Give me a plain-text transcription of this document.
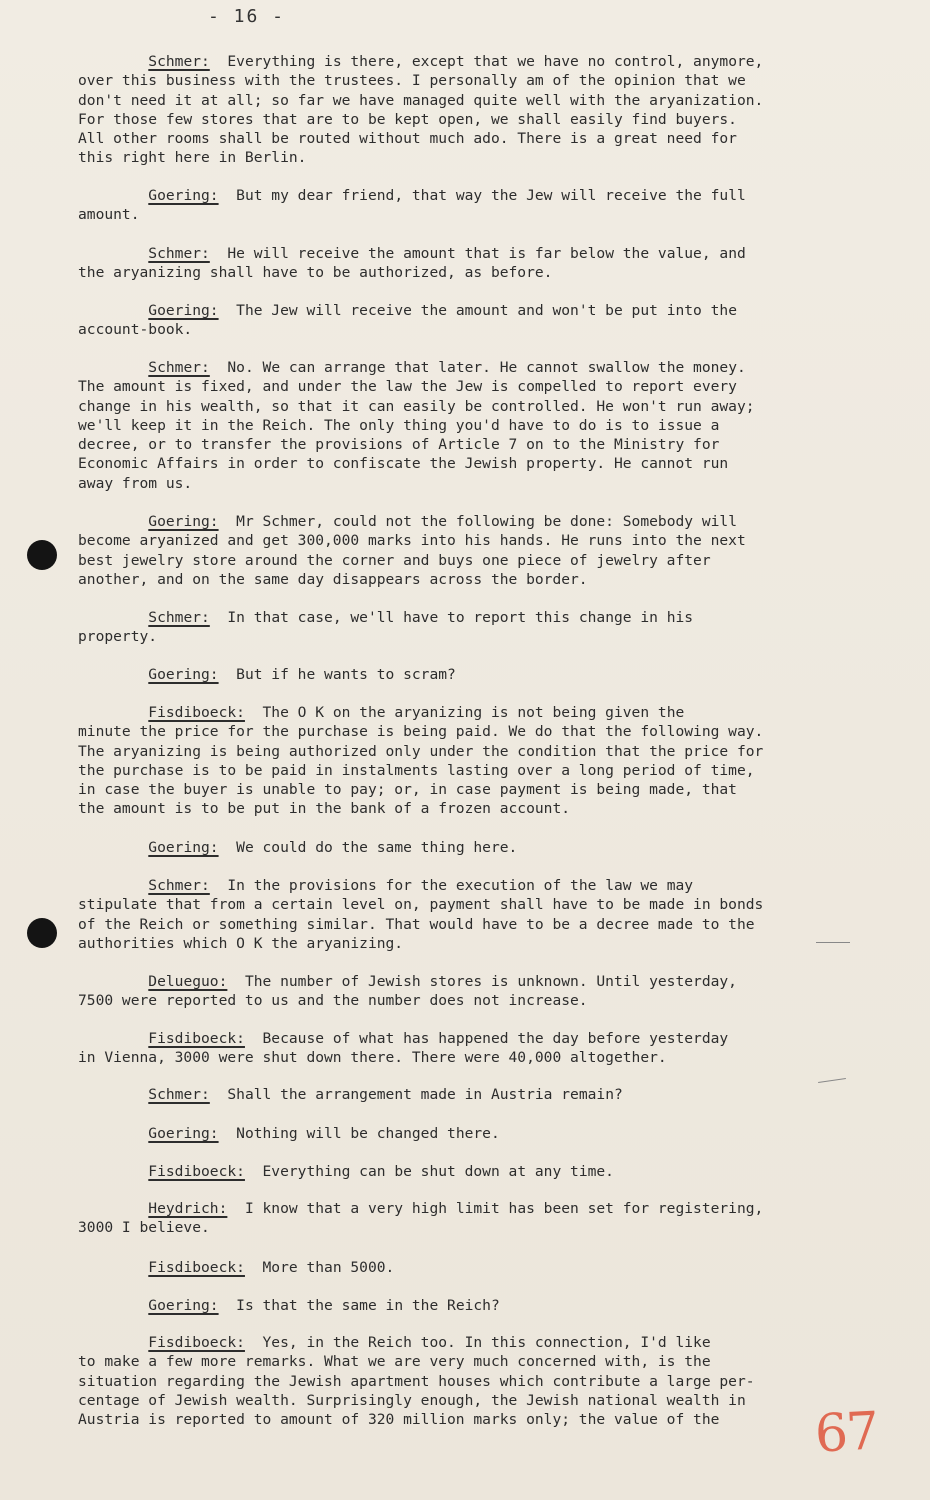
- 16 -
Schmer:  Everything is there, except that we have no control, anymore,
over this business with the trustees. I personally am of the opinion that we
don't need it at all; so far we have managed quite well with the aryanization.
For those few stores that are to be kept open, we shall easily find buyers.
All other rooms shall be routed without much ado. There is a great need for
this right here in Berlin.
Goering:  But my dear friend, that way the Jew will receive the full
amount.
Schmer:  He will receive the amount that is far below the value, and
the aryanizing shall have to be authorized, as before.
Goering:  The Jew will receive the amount and won't be put into the
account-book.
Schmer:  No. We can arrange that later. He cannot swallow the money.
The amount is fixed, and under the law the Jew is compelled to report every
change in his wealth, so that it can easily be controlled. He won't run away;
we'll keep it in the Reich. The only thing you'd have to do is to issue a
decree, or to transfer the provisions of Article 7 on to the Ministry for
Economic Affairs in order to confiscate the Jewish property. He cannot run
away from us.
Goering:  Mr Schmer, could not the following be done: Somebody will
become aryanized and get 300,000 marks into his hands. He runs into the next
best jewelry store around the corner and buys one piece of jewelry after
another, and on the same day disappears across the border.
Schmer:  In that case, we'll have to report this change in his
property.
Goering:  But if he wants to scram?
Fisdiboeck:  The O K on the aryanizing is not being given the
minute the price for the purchase is being paid. We do that the following way.
The aryanizing is being authorized only under the condition that the price for
the purchase is to be paid in instalments lasting over a long period of time,
in case the buyer is unable to pay; or, in case payment is being made, that
the amount is to be put in the bank of a frozen account.
Goering:  We could do the same thing here.
Schmer:  In the provisions for the execution of the law we may
stipulate that from a certain level on, payment shall have to be made in bonds
of the Reich or something similar. That would have to be a decree made to the
authorities which O K the aryanizing.
Delueguo:  The number of Jewish stores is unknown. Until yesterday,
7500 were reported to us and the number does not increase.
Fisdiboeck:  Because of what has happened the day before yesterday
in Vienna, 3000 were shut down there. There were 40,000 altogether.
Schmer:  Shall the arrangement made in Austria remain?
Goering:  Nothing will be changed there.
Fisdiboeck:  Everything can be shut down at any time.
Heydrich:  I know that a very high limit has been set for registering,
3000 I believe.
Fisdiboeck:  More than 5000.
Goering:  Is that the same in the Reich?
Fisdiboeck:  Yes, in the Reich too. In this connection, I'd like
to make a few more remarks. What we are very much concerned with, is the
situation regarding the Jewish apartment houses which contribute a large per-
centage of Jewish wealth. Surprisingly enough, the Jewish national wealth in
Austria is reported to amount of 320 million marks only; the value of the	67
